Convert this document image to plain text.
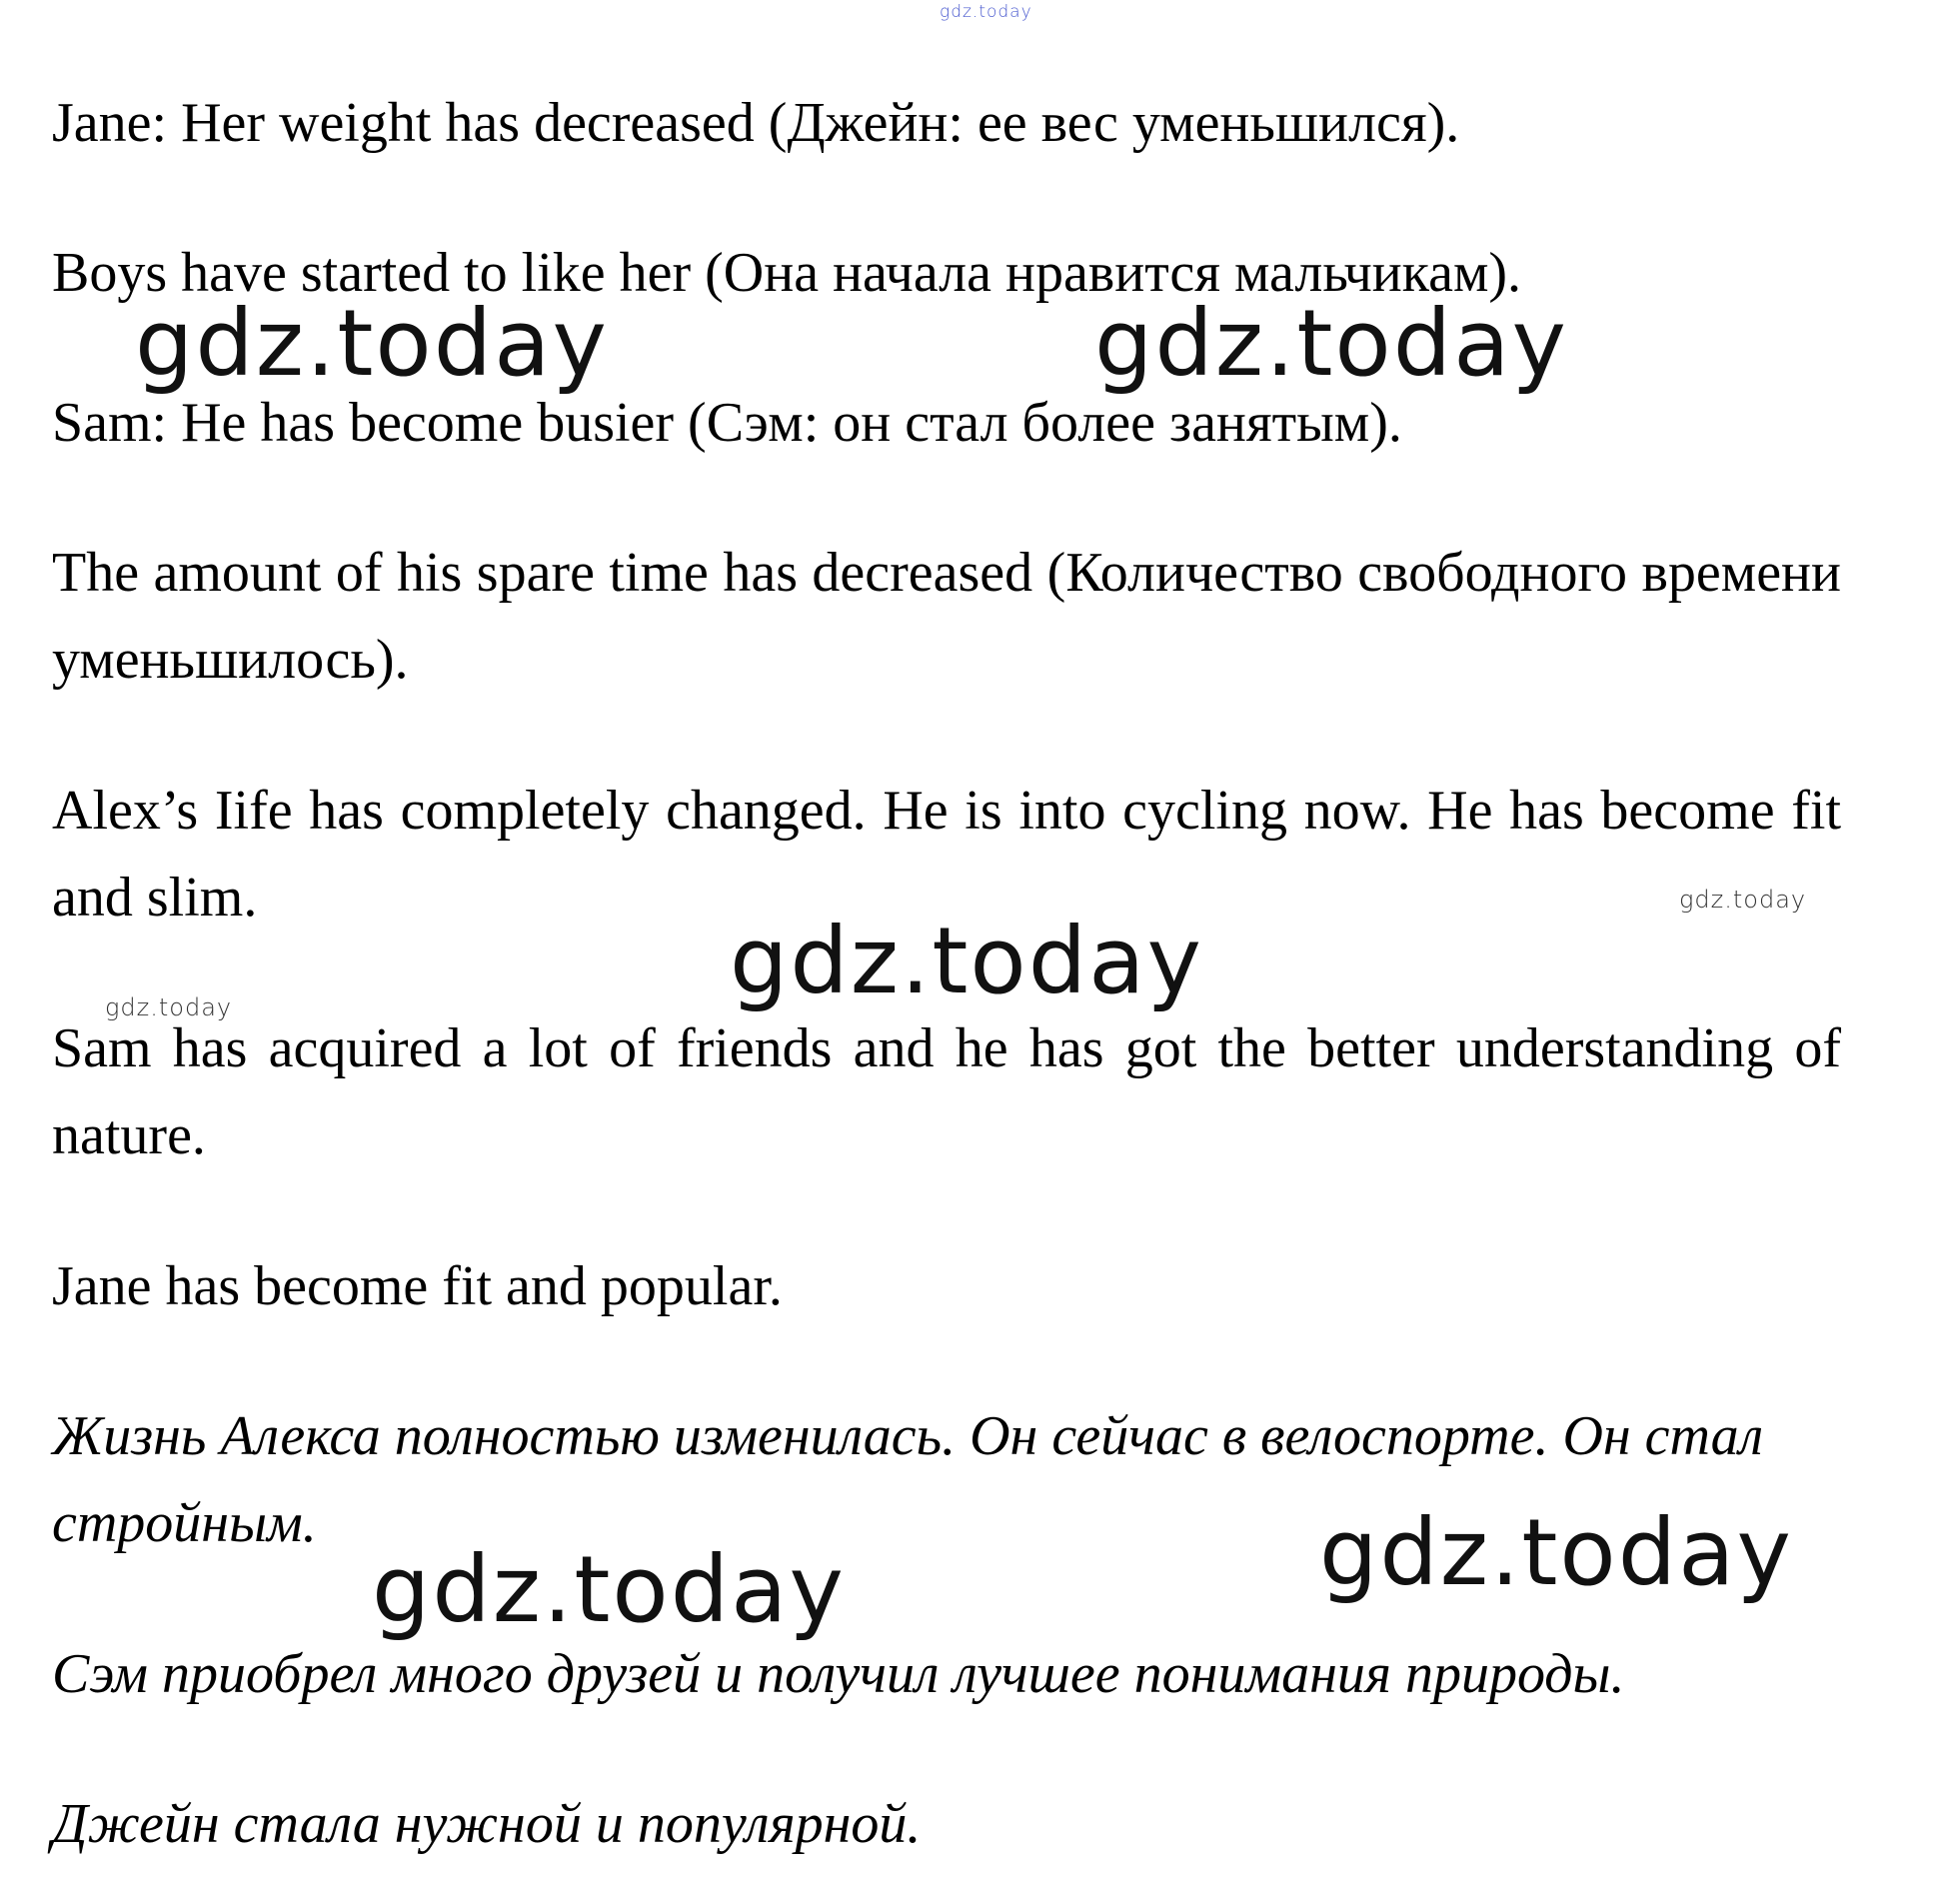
gdz.today

Jane: Her weight has decreased (Джейн: ее вес уменьшился).

Boys have started to like her (Она начала нравится мальчикам).

Sam: He has become busier (Сэм: он стал более занятым).

The amount of his spare time has decreased (Количество свободного времени уменьшилось).

Alex’s Iife has completely changed. He is into cycling now. He has become fit and slim.

Sam has acquired a lot of friends and he has got the better understanding of nature.

Jane has become fit and popular.

Жизнь Алекса полностью изменилась. Он сейчас в велоспорте. Он стал стройным.

Сэм приобрел много друзей и получил лучшее понимания природы.

Джейн стала нужной и популярной.

gdz.today	gdz.today
gdz.today
gdz.today	gdz.today
gdz.today
gdz.today
